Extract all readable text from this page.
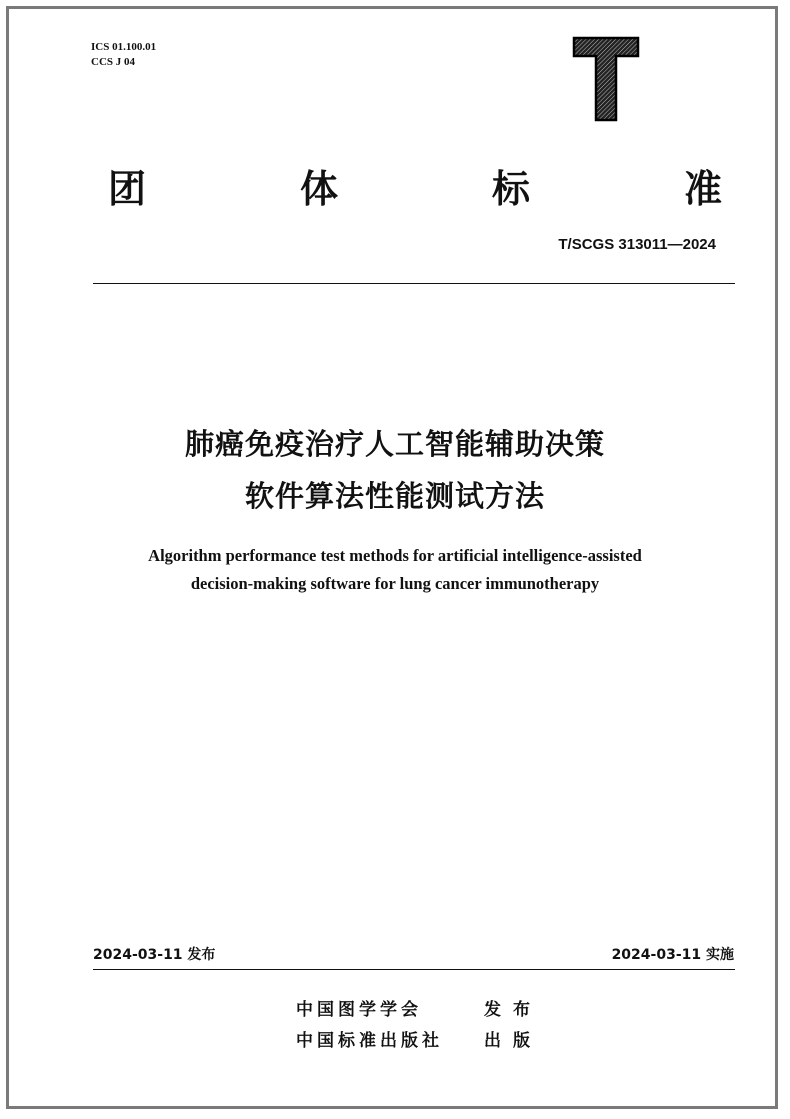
ICS 01.100.01
CCS J 04
团	体	标	准
T/SCGS 313011—2024
肺癌免疫治疗人工智能辅助决策
软件算法性能测试方法
Algorithm performance test methods for artificial intelligence-assisted
decision-making software for lung cancer immunotherapy
2024-03-11 发布	2024-03-11 实施
中国图学学会	发布
中国标准出版社 出版
